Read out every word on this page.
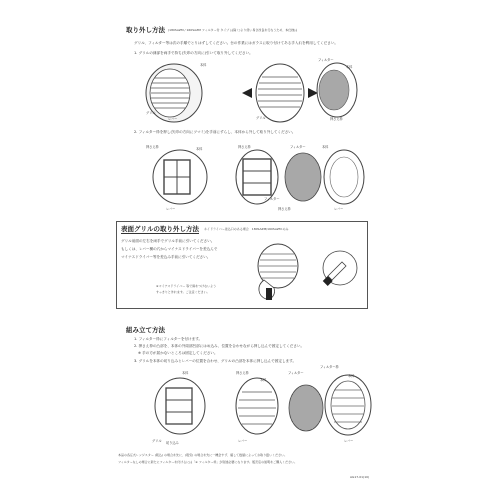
取り外し方法 (180SAZM / 160SAZM フィルター付 タイプ は除く)より使い易さ改良を行なうため、本仕様は
グリル、フィルター等は次の手順でとりはずしてください。台の作業にはガラスに取り付けてある手入れを利用してください。
1. グリルの縁部を両手で持ち(矢印の方向に)引いて取り外してください。
本体
グリル
レバー
フィルター
本体
グリル	押さえ枠
2. フィルター枠を押し(矢印の方向にツマミ)を手前にずらし、本体から外して取り外してください。
押さえ枠	本体
レバー
押さえ枠
フィルター
押さえ枠
フィルター	本体
レバー
表面グリルの取り外し方法 ネイドライバー差込口のある場合　180SAZM/160SAZM のみ
グリル前面の左右を両手でグリル手前に引いてください。
もしくは、レバー横の穴からマイナスドライバーを差込んで
マイナスドライバー等を差込み手前に引いてください。
※マイナスドライバー 等で傷をつけないよう
すっきりと外れます。ご注意ください。
組み立て方法
1. フィルター枠にフィルターを付けます。
2. 押さえ枠の凸部を、本体の外周部凹部にはめ込み、位置を合わせながら押し込んで固定してください。
※ 手の方が届かないところは固定してください。
3. グリルを本体の切り込みとレバーの位置を合わせ、グリルの凸部を本体に押し込んで固定します。
本体
切り込み
グリル
押さえ枠
本体
レバー
フィルター
フィルター枠
本体
レバー
本品の各圧式レンジスター (吸込) の場合を先に、(吸気) の場合を先に一機会すず、確して数値によってお取り扱いください。
フィルターなしの場合に新たにフィルターを付けるには「※ フィルター枠」が別途必要になります。販売店の説明をご購入ください。
AG17-01(10)
